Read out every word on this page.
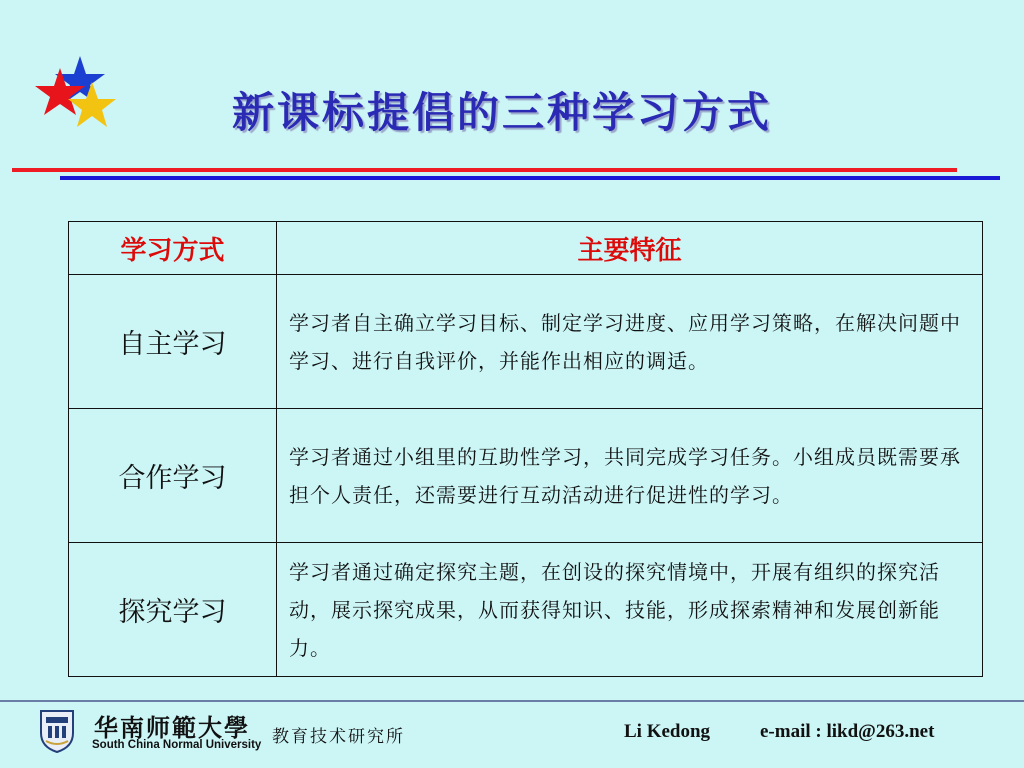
新课标提倡的三种学习方式
学习方式	主要特征
自主学习	学习者自主确立学习目标、制定学习进度、应用学习策略，在解决问题中学习、进行自我评价，并能作出相应的调适。
合作学习	学习者通过小组里的互助性学习，共同完成学习任务。小组成员既需要承担个人责任，还需要进行互动活动进行促进性的学习。
探究学习	学习者通过确定探究主题，在创设的探究情境中，开展有组织的探究活动，展示探究成果，从而获得知识、技能，形成探索精神和发展创新能力。
华南师範大學
South China Normal University 教育技术研究所	Li Kedong	e-mail : likd@263.net
